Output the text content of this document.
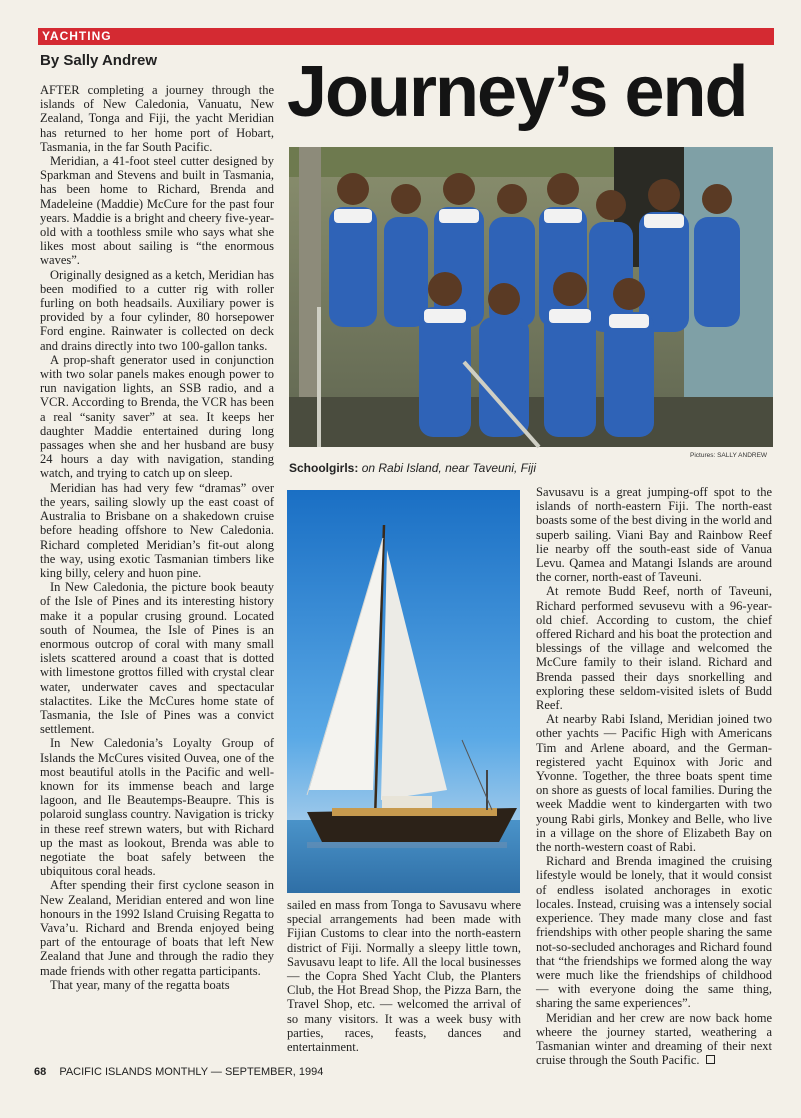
YACHTING
By Sally Andrew Journey’s end

AFTER completing a journey through the islands of New Caledonia, Vanuatu, New Zealand, Tonga and Fiji, the yacht Meridian has returned to her home port of Hobart, Tasmania, in the far South Pacific.

Meridian, a 41-foot steel cutter designed by Sparkman and Stevens and built in Tasmania, has been home to Richard, Brenda and Madeleine (Maddie) McCure for the past four years. Maddie is a bright and cheery five-year-old with a toothless smile who says what she likes most about sailing is “the enormous waves”.

Originally designed as a ketch, Meridian has been modified to a cutter rig with roller furling on both headsails. Auxiliary power is provided by a four cylinder, 80 horsepower Ford engine. Rainwater is collected on deck and drains directly into two 100-gallon tanks.

A prop-shaft generator used in conjunction with two solar panels makes enough power to run navigation lights, an SSB radio, and a VCR. According to Brenda, the VCR has been a real “sanity saver” at sea. It keeps her daughter Maddie entertained during long passages when she and her husband are busy 24 hours a day with navigation, standing watch, and trying to catch up on sleep.

Meridian has had very few “dramas” over the years, sailing slowly up the east coast of Australia to Brisbane on a shakedown cruise before heading offshore to New Caledonia. Richard completed Meridian’s fit-out along the way, using exotic Tasmanian timbers like king billy, celery and huon pine.

In New Caledonia, the picture book beauty of the Isle of Pines and its interesting history make it a popular crusing ground. Located south of Noumea, the Isle of Pines is an enormous outcrop of coral with many small islets scattered around a coast that is dotted with limestone grottos filled with crystal clear water, underwater caves and spectacular stalactites. Like the McCures home state of Tasmania, the Isle of Pines was a convict settlement.

In New Caledonia’s Loyalty Group of Islands the McCures visited Ouvea, one of the most beautiful atolls in the Pacific and well-known for its immense beach and large lagoon, and Ile Beautemps-Beaupre. This is polaroid sunglass country. Navigation is tricky in these reef strewn waters, but with Richard up the mast as lookout, Brenda was able to negotiate the boat safely between the ubiquitous coral heads.

After spending their first cyclone season in New Zealand, Meridian entered and won line honours in the 1992 Island Cruising Regatta to Vava’u. Richard and Brenda enjoyed being part of the entourage of boats that left New Zealand that June and through the radio they made friends with other regatta participants.

That year, many of the regatta boats

Pictures: SALLY ANDREW
Schoolgirls: on Rabi Island, near Taveuni, Fiji

sailed en mass from Tonga to Savusavu where special arrangements had been made with Fijian Customs to clear into the north-eastern district of Fiji. Normally a sleepy little town, Savusavu leapt to life. All the local businesses — the Copra Shed Yacht Club, the Planters Club, the Hot Bread Shop, the Pizza Barn, the Travel Shop, etc. — welcomed the arrival of so many visitors. It was a week busy with parties, races, feasts, dances and entertainment.

Savusavu is a great jumping-off spot to the islands of north-eastern Fiji. The north-east boasts some of the best diving in the world and superb sailing. Viani Bay and Rainbow Reef lie nearby off the south-east side of Vanua Levu. Qamea and Matangi Islands are around the corner, north-east of Taveuni.

At remote Budd Reef, north of Taveuni, Richard performed sevusevu with a 96-year-old chief. According to custom, the chief offered Richard and his boat the protection and blessings of the village and welcomed the McCure family to their island. Richard and Brenda passed their days snorkelling and exploring these seldom-visited islets of Budd Reef.

At nearby Rabi Island, Meridian joined two other yachts — Pacific High with Americans Tim and Arlene aboard, and the German-registered yacht Equinox with Joric and Yvonne. Together, the three boats spent time on shore as guests of local families. During the week Maddie went to kindergarten with two young Rabi girls, Monkey and Belle, who live in a village on the shore of Elizabeth Bay on the north-western coast of Rabi.

Richard and Brenda imagined the cruising lifestyle would be lonely, that it would consist of endless isolated anchorages in exotic locales. Instead, cruising was a intensely social experience. They made many close and fast friendships with other people sharing the same not-so-secluded anchorages and Richard found that “the friendships we formed along the way were much like the friendships of childhood — with everyone doing the same thing, sharing the same experiences”.

Meridian and her crew are now back home wheere the journey started, weathering a Tasmanian winter and dreaming of their next cruise through the South Pacific.

68 PACIFIC ISLANDS MONTHLY — SEPTEMBER, 1994
